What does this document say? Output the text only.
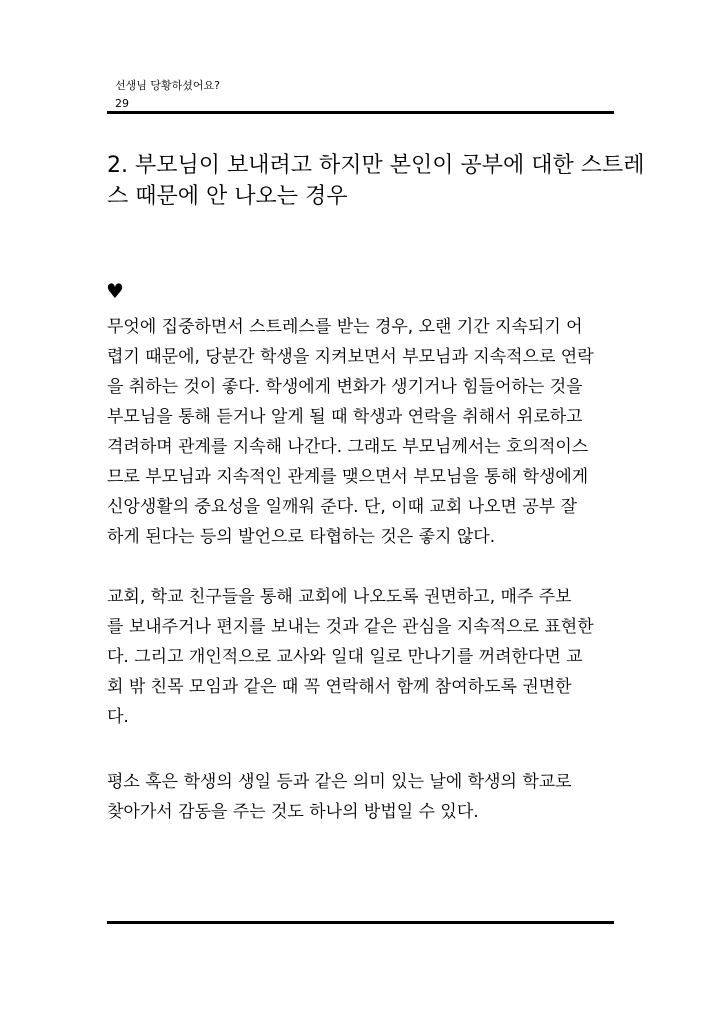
선생님 당황하셨어요?
29
2. 부모님이 보내려고 하지만 본인이 공부에 대한 스트레
스 때문에 안 나오는 경우
♥
무엇에 집중하면서 스트레스를 받는 경우, 오랜 기간 지속되기 어
렵기 때문에, 당분간 학생을 지켜보면서 부모님과 지속적으로 연락
을 취하는 것이 좋다. 학생에게 변화가 생기거나 힘들어하는 것을
부모님을 통해 듣거나 알게 될 때 학생과 연락을 취해서 위로하고
격려하며 관계를 지속해 나간다. 그래도 부모님께서는 호의적이스
므로 부모님과 지속적인 관계를 맺으면서 부모님을 통해 학생에게
신앙생활의 중요성을 일깨워 준다. 단, 이때 교회 나오면 공부 잘
하게 된다는 등의 발언으로 타협하는 것은 좋지 않다.
교회, 학교 친구들을 통해 교회에 나오도록 권면하고, 매주 주보
를 보내주거나 편지를 보내는 것과 같은 관심을 지속적으로 표현한
다. 그리고 개인적으로 교사와 일대 일로 만나기를 꺼려한다면 교
회 밖 친목 모임과 같은 때 꼭 연락해서 함께 참여하도록 권면한
다.
평소 혹은 학생의 생일 등과 같은 의미 있는 날에 학생의 학교로
찾아가서 감동을 주는 것도 하나의 방법일 수 있다.
